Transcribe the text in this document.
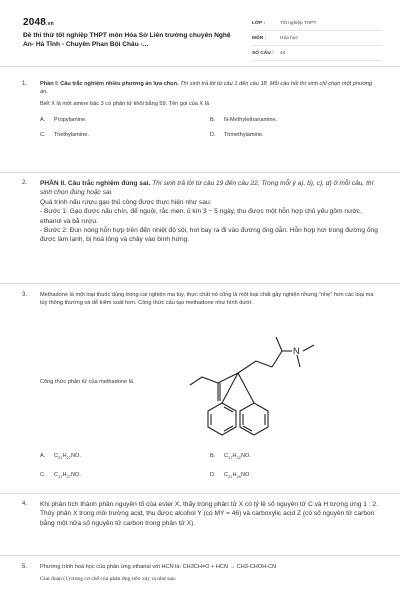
2048.vn
Đề thi thử tốt nghiệp THPT môn Hóa Sở Liên trường chuyên Nghệ An- Hà Tĩnh - Chuyên Phan Bội Châu -...
LỚP :	Tốt nghiệp THPT
MÔN :	Hóa học
SỐ CÂU :	44
1. Phần I: Câu trắc nghiệm nhiều phương án lựa chọn. Thí sinh trả lời từ câu 1 đến câu 18. Mỗi câu hỏi thí sinh chỉ chọn một phương án.

Biết X là một amine bậc 3 có phân tử khối bằng 59. Tên gọi của X là

A. Propylamine.	B. N-Methylethanamine.
C. Triethylamine.	D. Trimethylamine.
2. PHẦN II. Câu trắc nghiệm đúng sai. Thí sinh trả lời từ câu 19 đến câu 22. Trong mỗi ý a), b), c), d) ở mỗi câu, thí sinh chọn đúng hoặc sai.

Quá trình nấu rượu gạo thủ công được thực hiện như sau:

- Bước 1: Gạo được nấu chín, để nguội, rắc men, ủ kín 3 − 5 ngày, thu được một hỗn hợp chủ yếu gồm nước, ethanol và bã rượu.

- Bước 2: Đun nóng hỗn hợp trên đến nhiệt độ sôi, hơi bay ra đi vào đường ống dẫn. Hỗn hợp hơi trong đường ống được làm lạnh, bị hoá lỏng và chảy vào bình hứng.

3. Methadone là một loại thuốc dùng trong cai nghiện ma túy, thực chất nó cũng là một loại chất gây nghiện nhưng "nhẹ" hơn các loại ma túy thông thường và dễ kiểm soát hơn. Công thức cấu tạo methadone như hình dưới.

N

Công thức phân tử của methadone là

A. $C_{21}H_{27}NO$.	B. $C_{17}H_{22}NO$.
C. $C_{17}H_{27}NO$.	D. $C_{21}H_{29}NO$.
4. Khi phân tích thành phần nguyên tố của ester X, thấy trong phân tử X có tỷ lệ số nguyên tử C và H tương ứng 1 : 2. Thủy phân X trong môi trường acid, thu được alcohol Y (có MY = 46) và carboxylic acid Z (có số nguyên tử carbon bằng một nửa số nguyên tử carbon trong phân tử X).

5. Phương trình hoá học của phản ứng ethanal với HCN là: CH3CH=O + HCN → CH3-CHOH-CN

Giai đoạn (1) trong cơ chế của phản ứng trên xảy ra như sau:
